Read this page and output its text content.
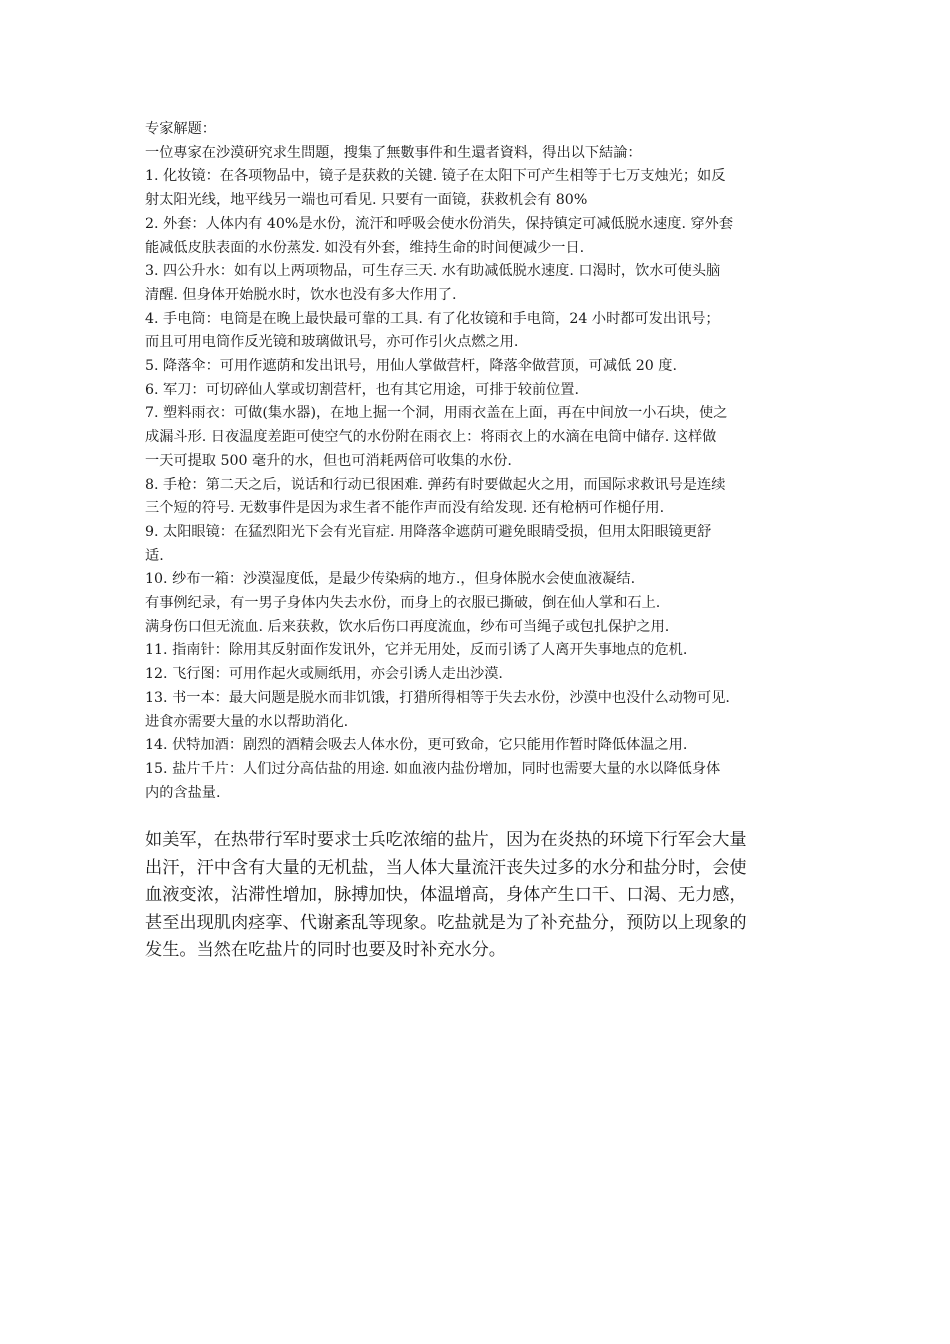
专家解题：

一位專家在沙漠研究求生問題，搜集了無數事件和生還者資料，得出以下結論：

1. 化妆镜：在各项物品中，镜子是获救的关键. 镜子在太阳下可产生相等于七万支烛光；如反

射太阳光线，地平线另一端也可看见. 只要有一面镜，获救机会有 80%

2. 外套：人体内有 40%是水份，流汗和呼吸会使水份消失，保持镇定可减低脱水速度. 穿外套

能减低皮肤表面的水份蒸发. 如没有外套，维持生命的时间便减少一日.

3. 四公升水：如有以上两项物品，可生存三天. 水有助减低脱水速度. 口渴时，饮水可使头脑

清醒. 但身体开始脱水时，饮水也没有多大作用了.

4. 手电筒：电筒是在晚上最快最可靠的工具. 有了化妆镜和手电筒，24 小时都可发出讯号；

而且可用电筒作反光镜和玻璃做讯号，亦可作引火点燃之用.

5. 降落伞：可用作遮荫和发出讯号，用仙人掌做营杆，降落伞做营顶，可减低 20 度.

6. 军刀：可切碎仙人掌或切割营杆，也有其它用途，可排于较前位置.

7. 塑料雨衣：可做(集水器)，在地上掘一个洞，用雨衣盖在上面，再在中间放一小石块，使之

成漏斗形. 日夜温度差距可使空气的水份附在雨衣上：将雨衣上的水滴在电筒中储存. 这样做

一天可提取 500 毫升的水，但也可消耗两倍可收集的水份.

8. 手枪：第二天之后，说话和行动已很困难. 弹药有时要做起火之用，而国际求救讯号是连续

三个短的符号. 无数事件是因为求生者不能作声而没有给发现. 还有枪柄可作槌仔用.

9. 太阳眼镜：在猛烈阳光下会有光盲症. 用降落伞遮荫可避免眼睛受损，但用太阳眼镜更舒

适.

10. 纱布一箱：沙漠湿度低，是最少传染病的地方.，但身体脱水会使血液凝结.

有事例纪录，有一男子身体内失去水份，而身上的衣服已撕破，倒在仙人掌和石上.

满身伤口但无流血. 后来获救，饮水后伤口再度流血，纱布可当绳子或包扎保护之用.

11. 指南针：除用其反射面作发讯外，它并无用处，反而引诱了人离开失事地点的危机.

12. 飞行图：可用作起火或厕纸用，亦会引诱人走出沙漠.

13. 书一本：最大问题是脱水而非饥饿，打猎所得相等于失去水份，沙漠中也没什么动物可见.

进食亦需要大量的水以帮助消化.

14. 伏特加酒：剧烈的酒精会吸去人体水份，更可致命，它只能用作暂时降低体温之用.

15. 盐片千片：人们过分高估盐的用途. 如血液内盐份增加，同时也需要大量的水以降低身体

内的含盐量.

如美军，在热带行军时要求士兵吃浓缩的盐片，因为在炎热的环境下行军会大量

出汗，汗中含有大量的无机盐，当人体大量流汗丧失过多的水分和盐分时，会使

血液变浓，沾滞性增加，脉搏加快，体温增高，身体产生口干、口渴、无力感，

甚至出现肌肉痉挛、代谢紊乱等现象。吃盐就是为了补充盐分，预防以上现象的

发生。当然在吃盐片的同时也要及时补充水分。
